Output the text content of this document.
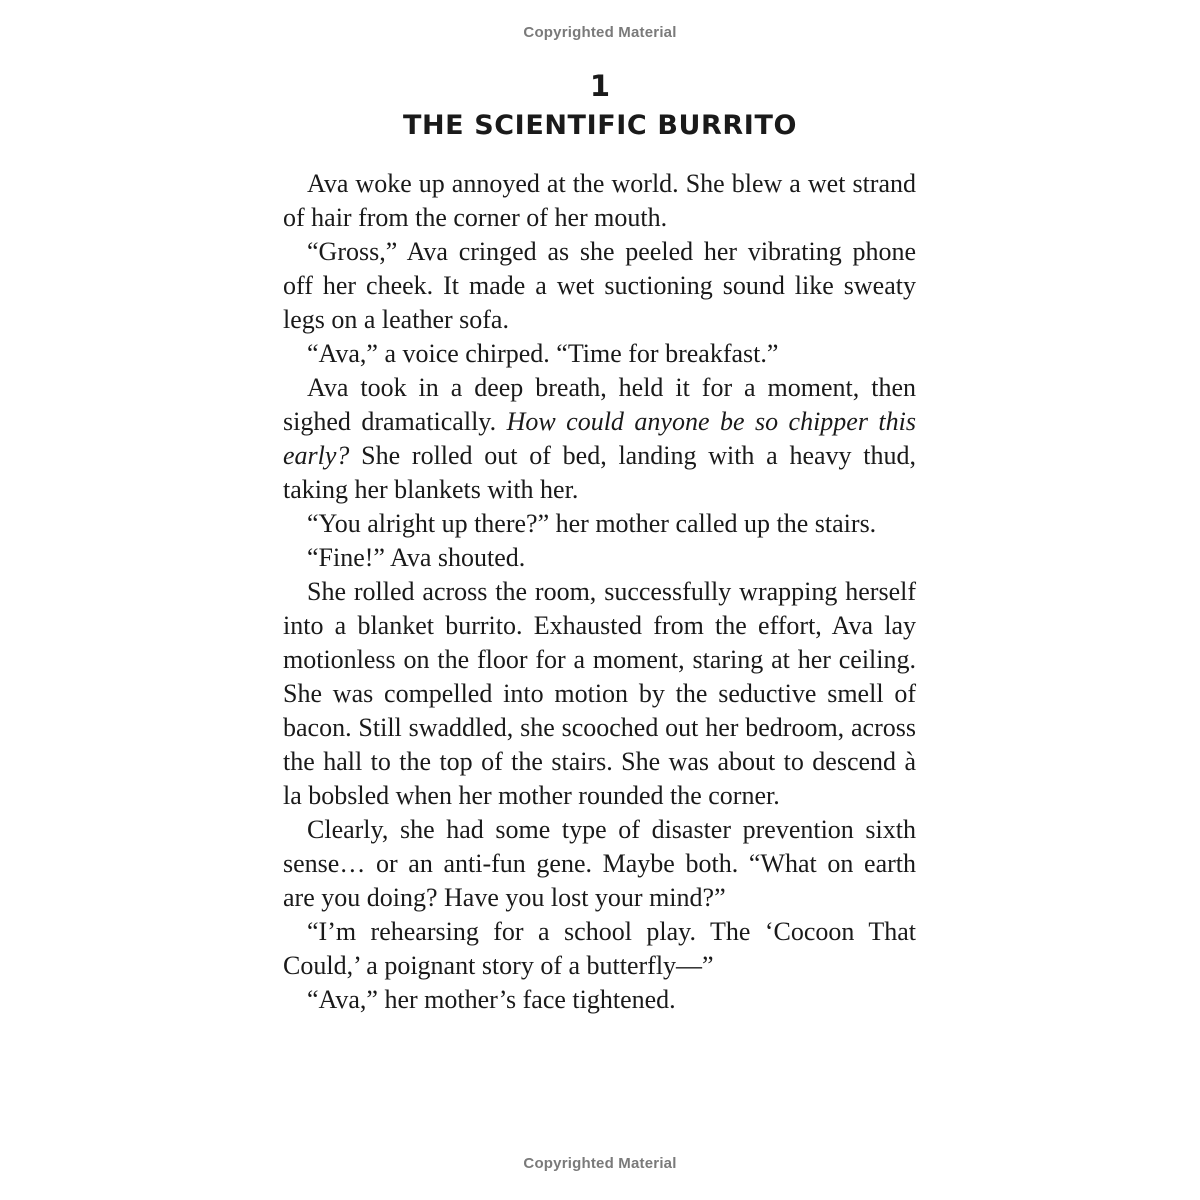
Copyrighted Material
1
THE SCIENTIFIC BURRITO

Ava woke up annoyed at the world. She blew a wet strand of hair from the corner of her mouth.

“Gross,” Ava cringed as she peeled her vibrating phone off her cheek. It made a wet suctioning sound like sweaty legs on a leather sofa.

“Ava,” a voice chirped. “Time for breakfast.”

Ava took in a deep breath, held it for a moment, then sighed dramatically. How could anyone be so chipper this early? She rolled out of bed, landing with a heavy thud, taking her blankets with her.

“You alright up there?” her mother called up the stairs.

“Fine!” Ava shouted.

She rolled across the room, successfully wrapping herself into a blanket burrito. Exhausted from the effort, Ava lay motionless on the floor for a moment, staring at her ceiling. She was compelled into motion by the seductive smell of bacon. Still swaddled, she scooched out her bedroom, across the hall to the top of the stairs. She was about to descend à la bobsled when her mother rounded the corner.

Clearly, she had some type of disaster prevention sixth sense… or an anti-fun gene. Maybe both. “What on earth are you doing? Have you lost your mind?”

“I’m rehearsing for a school play. The ‘Cocoon That Could,’ a poignant story of a butterfly—”

“Ava,” her mother’s face tightened.

Copyrighted Material
